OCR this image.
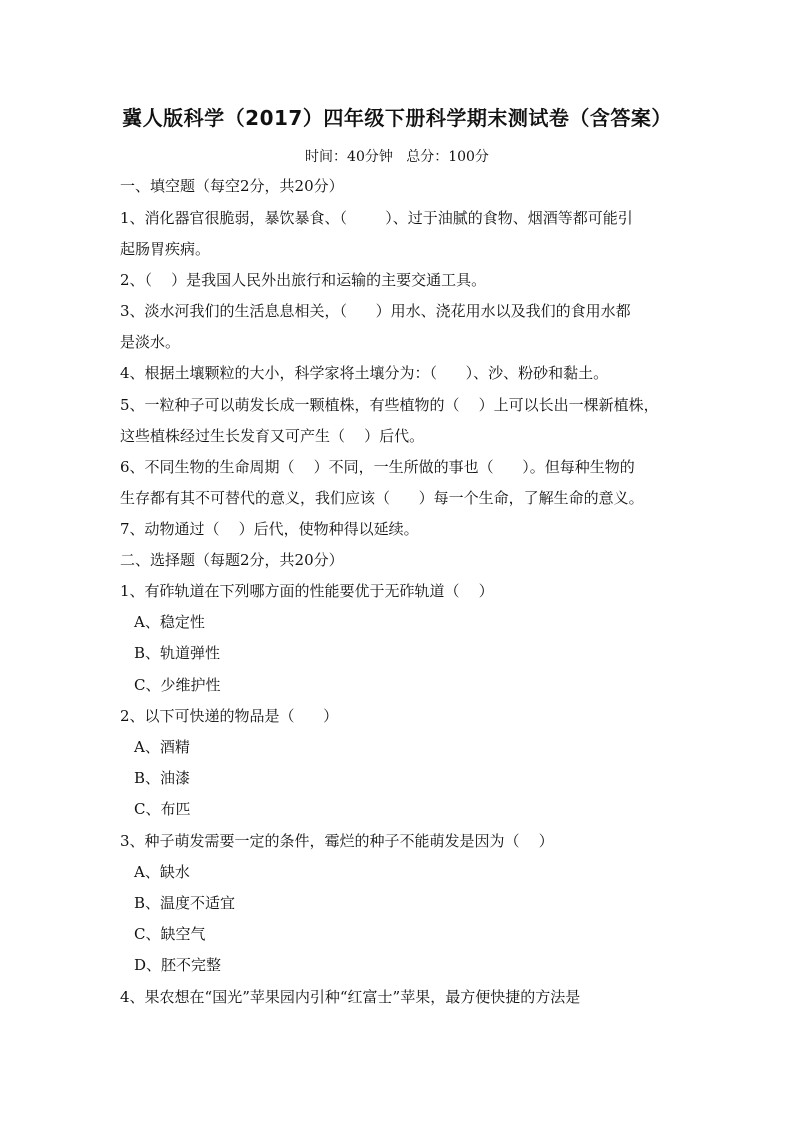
冀人版科学（2017）四年级下册科学期末测试卷（含答案）
时间：40分钟   总分：100分
一、填空题（每空2分，共20分）
1、消化器官很脆弱，暴饮暴食、（        ）、过于油腻的食物、烟酒等都可能引
起肠胃疾病。
2、（    ）是我国人民外出旅行和运输的主要交通工具。
3、淡水河我们的生活息息相关，（      ）用水、浇花用水以及我们的食用水都
是淡水。
4、根据土壤颗粒的大小，科学家将土壤分为：（      ）、沙、粉砂和黏土。
5、一粒种子可以萌发长成一颗植株，有些植物的（    ）上可以长出一棵新植株，
这些植株经过生长发育又可产生（    ）后代。
6、不同生物的生命周期（    ）不同，一生所做的事也（      ）。但每种生物的
生存都有其不可替代的意义，我们应该（      ）每一个生命，了解生命的意义。
7、动物通过（    ）后代，使物种得以延续。
二、选择题（每题2分，共20分）
1、有砟轨道在下列哪方面的性能要优于无砟轨道（    ）
A、稳定性
B、轨道弹性
C、少维护性
2、以下可快递的物品是（      ）
A、酒精
B、油漆
C、布匹
3、种子萌发需要一定的条件，霉烂的种子不能萌发是因为（    ）
A、缺水
B、温度不适宜
C、缺空气
D、胚不完整
4、果农想在“国光”苹果园内引种“红富士”苹果，最方便快捷的方法是
